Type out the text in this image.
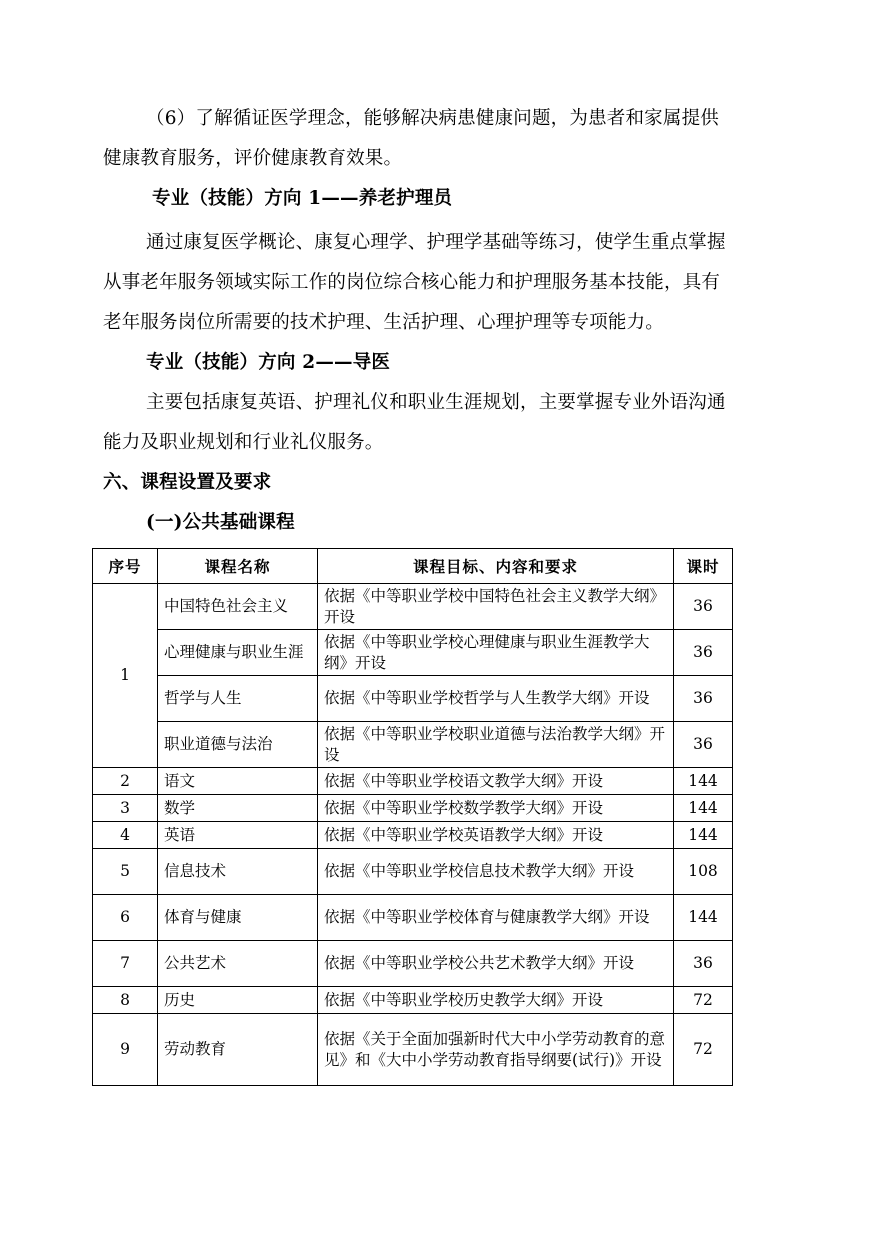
（6）了解循证医学理念，能够解决病患健康问题，为患者和家属提供
健康教育服务，评价健康教育效果。
专业（技能）方向 1——养老护理员
通过康复医学概论、康复心理学、护理学基础等练习，使学生重点掌握
从事老年服务领域实际工作的岗位综合核心能力和护理服务基本技能，具有
老年服务岗位所需要的技术护理、生活护理、心理护理等专项能力。
专业（技能）方向 2——导医
主要包括康复英语、护理礼仪和职业生涯规划，主要掌握专业外语沟通
能力及职业规划和行业礼仪服务。
六、课程设置及要求
(一)公共基础课程
序号	课程名称	课程目标、内容和要求	课时
1	中国特色社会主义	依据《中等职业学校中国特色社会主义教学大纲》开设	36
	心理健康与职业生涯	依据《中等职业学校心理健康与职业生涯教学大纲》开设	36
	哲学与人生	依据《中等职业学校哲学与人生教学大纲》开设	36
	职业道德与法治	依据《中等职业学校职业道德与法治教学大纲》开设	36
2	语文	依据《中等职业学校语文教学大纲》开设	144
3	数学	依据《中等职业学校数学教学大纲》开设	144
4	英语	依据《中等职业学校英语教学大纲》开设	144
5	信息技术	依据《中等职业学校信息技术教学大纲》开设	108
6	体育与健康	依据《中等职业学校体育与健康教学大纲》开设	144
7	公共艺术	依据《中等职业学校公共艺术教学大纲》开设	36
8	历史	依据《中等职业学校历史教学大纲》开设	72
9	劳动教育	依据《关于全面加强新时代大中小学劳动教育的意见》和《大中小学劳动教育指导纲要(试行)》开设	72
